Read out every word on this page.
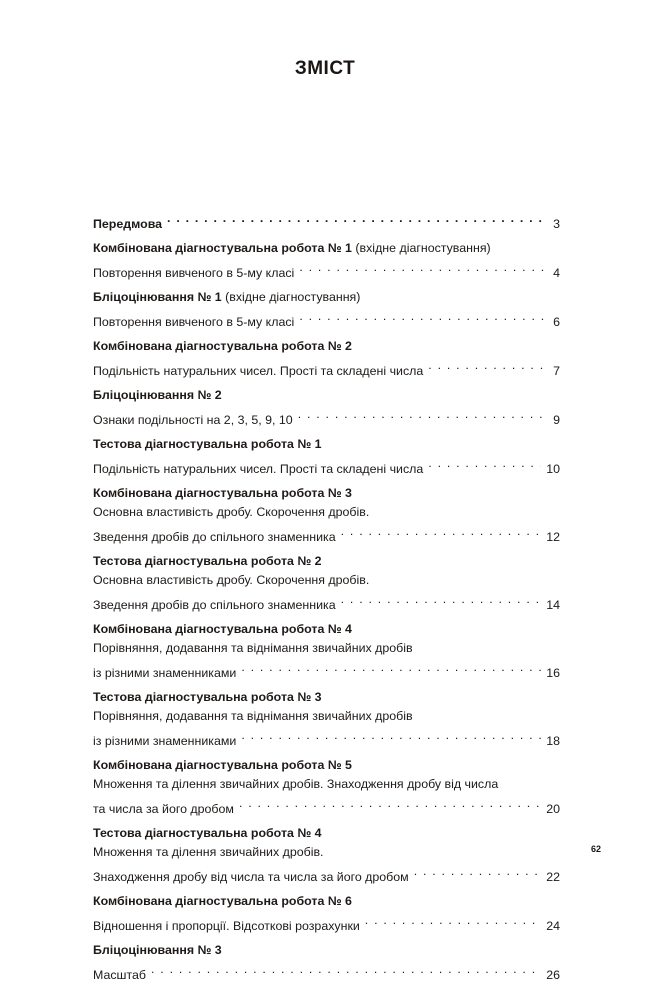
ЗМІСТ
Передмова . . .	3
Комбінована діагностувальна робота № 1
(вхідне діагностування)
Повторення вивченого в 5-му класі . . .	4
Бліцоцінювання № 1
(вхідне діагностування)
Повторення вивченого в 5-му класі . . .	6
Комбінована діагностувальна робота № 2
Подільність натуральних чисел. Прості та складені числа . . .	7
Бліцоцінювання № 2
Ознаки подільності на 2, 3, 5, 9, 10 . . .	9
Тестова діагностувальна робота № 1
Подільність натуральних чисел. Прості та складені числа . . .	10
Комбінована діагностувальна робота № 3
Основна властивість дробу. Скорочення дробів.
Зведення дробів до спільного знаменника . . .	12
Тестова діагностувальна робота № 2
Основна властивість дробу. Скорочення дробів.
Зведення дробів до спільного знаменника . . .	14
Комбінована діагностувальна робота № 4
Порівняння, додавання та віднімання звичайних дробів
із різними знаменниками . . .	16
Тестова діагностувальна робота № 3
Порівняння, додавання та віднімання звичайних дробів
із різними знаменниками . . .	18
Комбінована діагностувальна робота № 5
Множення та ділення звичайних дробів. Знаходження дробу від числа
та числа за його дробом . . .	20
Тестова діагностувальна робота № 4
Множення та ділення звичайних дробів.
Знаходження дробу від числа та числа за його дробом . . .	22
Комбінована діагностувальна робота № 6
Відношення і пропорції. Відсоткові розрахунки . . .	24
Бліцоцінювання № 3
Масштаб . . .	26
62
